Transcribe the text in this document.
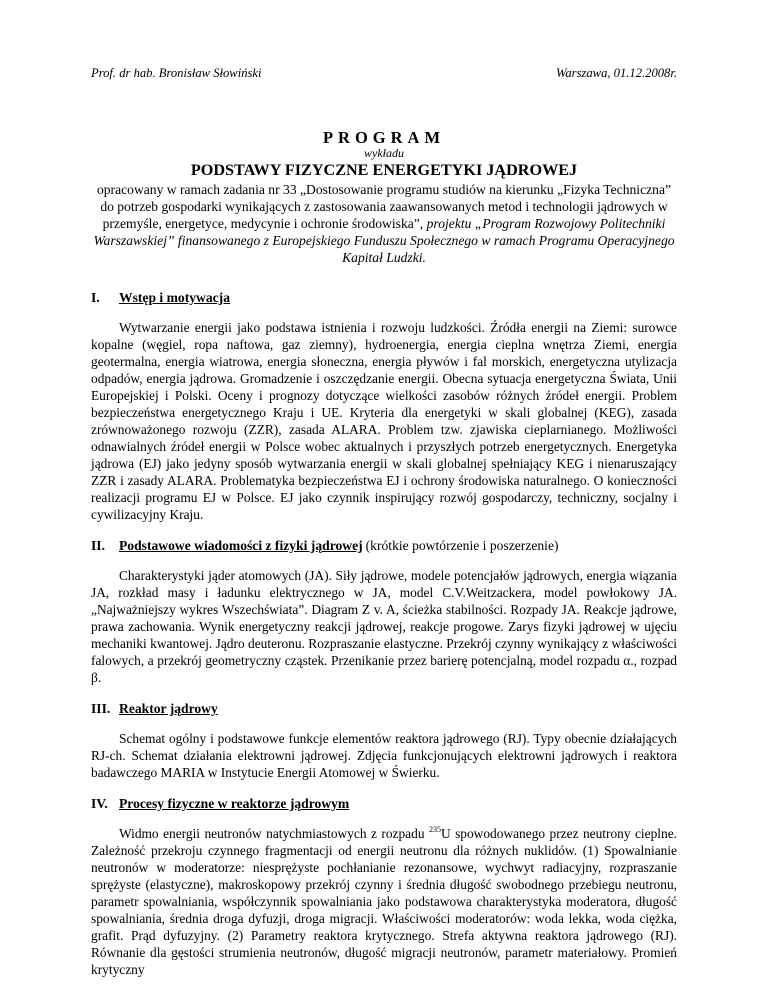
Prof. dr hab. Bronisław Słowiński	Warszawa, 01.12.2008r.
PROGRAM
wykładu
PODSTAWY FIZYCZNE ENERGETYKI JĄDROWEJ
opracowany w ramach zadania nr 33 „Dostosowanie programu studiów na kierunku „Fizyka Techniczna” do potrzeb gospodarki wynikających z zastosowania zaawansowanych metod i technologii jądrowych w przemyśle, energetyce, medycynie i ochronie środowiska”, projektu „Program Rozwojowy Politechniki Warszawskiej” finansowanego z Europejskiego Funduszu Społecznego w ramach Programu Operacyjnego Kapitał Ludzki.
I.	Wstęp i motywacja
Wytwarzanie energii jako podstawa istnienia i rozwoju ludzkości. Źródła energii na Ziemi: surowce kopalne (węgiel, ropa naftowa, gaz ziemny), hydroenergia, energia cieplna wnętrza Ziemi, energia geotermalna, energia wiatrowa, energia słoneczna, energia pływów i fal morskich, energetyczna utylizacja odpadów, energia jądrowa. Gromadzenie i oszczędzanie energii. Obecna sytuacja energetyczna Świata, Unii Europejskiej i Polski. Oceny i prognozy dotyczące wielkości zasobów różnych źródeł energii. Problem bezpieczeństwa energetycznego Kraju i UE. Kryteria dla energetyki w skali globalnej (KEG), zasada zrównoważonego rozwoju (ZZR), zasada ALARA. Problem tzw. zjawiska cieplarnianego. Możliwości odnawialnych źródeł energii w Polsce wobec aktualnych i przyszłych potrzeb energetycznych. Energetyka jądrowa (EJ) jako jedyny sposób wytwarzania energii w skali globalnej spełniający KEG i nienaruszający ZZR i zasady ALARA. Problematyka bezpieczeństwa EJ i ochrony środowiska naturalnego. O konieczności realizacji programu EJ w Polsce. EJ jako czynnik inspirujący rozwój gospodarczy, techniczny, socjalny i cywilizacyjny Kraju.
II.	Podstawowe wiadomości z fizyki jądrowej (krótkie powtórzenie i poszerzenie)
Charakterystyki jąder atomowych (JA). Siły jądrowe, modele potencjałów jądrowych, energia wiązania JA, rozkład masy i ładunku elektrycznego w JA, model C.V.Weitzackera, model powłokowy JA. „Najważniejszy wykres Wszechświata”. Diagram Z v. A, ścieżka stabilności. Rozpady JA. Reakcje jądrowe, prawa zachowania. Wynik energetyczny reakcji jądrowej, reakcje progowe. Zarys fizyki jądrowej w ujęciu mechaniki kwantowej. Jądro deuteronu. Rozpraszanie elastyczne. Przekrój czynny wynikający z właściwości falowych, a przekrój geometryczny cząstek. Przenikanie przez barierę potencjalną, model rozpadu α., rozpad β.
III. Reaktor jądrowy
Schemat ogólny i podstawowe funkcje elementów reaktora jądrowego (RJ). Typy obecnie działających RJ-ch. Schemat działania elektrowni jądrowej. Zdjęcia funkcjonujących elektrowni jądrowych i reaktora badawczego MARIA w Instytucie Energii Atomowej w Świerku.
IV. Procesy fizyczne w reaktorze jądrowym
Widmo energii neutronów natychmiastowych z rozpadu $^{235}$U spowodowanego przez neutrony cieplne. Zależność przekroju czynnego fragmentacji od energii neutronu dla różnych nuklidów. (1) Spowalnianie neutronów w moderatorze: niesprężyste pochłanianie rezonansowe, wychwyt radiacyjny, rozpraszanie sprężyste (elastyczne), makroskopowy przekrój czynny i średnia długość swobodnego przebiegu neutronu, parametr spowalniania, współczynnik spowalniania jako podstawowa charakterystyka moderatora, długość spowalniania, średnia droga dyfuzji, droga migracji. Właściwości moderatorów: woda lekka, woda ciężka, grafit. Prąd dyfuzyjny. (2) Parametry reaktora krytycznego. Strefa aktywna reaktora jądrowego (RJ). Równanie dla gęstości strumienia neutronów, długość migracji neutronów, parametr materiałowy. Promień krytyczny
